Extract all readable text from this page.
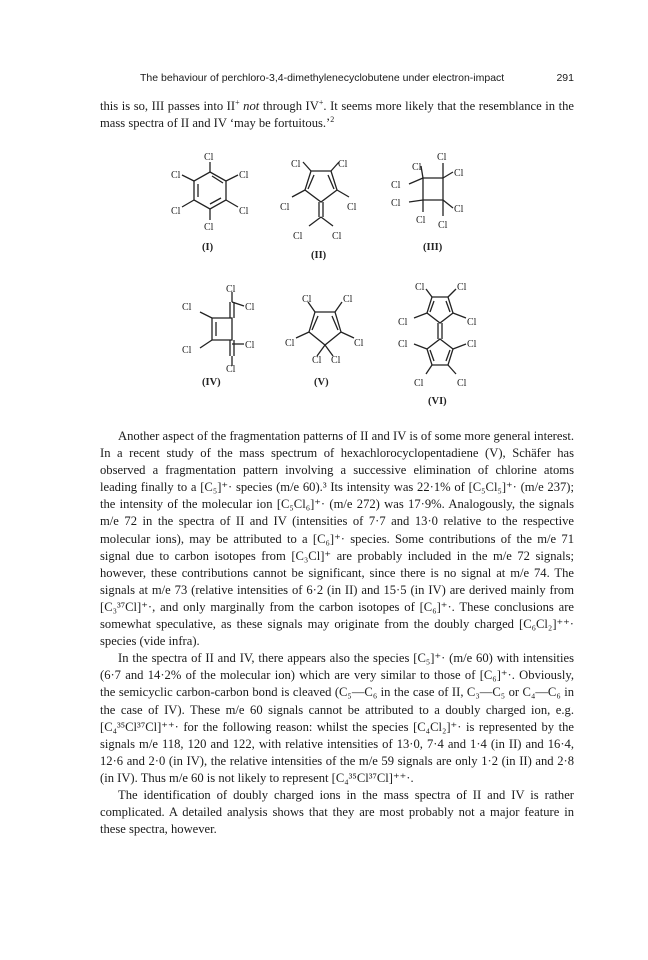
The behaviour of perchloro-3,4-dimethylenecyclobutene under electron-impact	291

this is so, III passes into II+ not through IV+. It seems more likely that the resemblance in the mass spectra of II and IV ‘may be fortuitous.’$^2$

Cl
Cl
Cl
Cl
Cl
Cl
(I)
Cl	Cl
Cl	Cl
Cl	Cl
(II)
Cl
Cl
Cl
Cl
Cl
Cl
Cl Cl
(III)
Cl
Cl	Cl
Cl
Cl
Cl
(IV)
Cl	Cl
Cl	Cl
Cl Cl
(V)
Cl	Cl
Cl	Cl
Cl	Cl
Cl	Cl
(VI)

Another aspect of the fragmentation patterns of II and IV is of some more general interest. In a recent study of the mass spectrum of hexachlorocyclopentadiene (V), Schäfer has observed a fragmentation pattern involving a successive elimination of chlorine atoms leading finally to a [C₅]⁺· species (m/e 60).³ Its intensity was 22·1% of [C₅Cl₅]⁺· (m/e 237); the intensity of the molecular ion [C₅Cl₆]⁺· (m/e 272) was 17·9%. Analogously, the signals m/e 72 in the spectra of II and IV (intensities of 7·7 and 13·0 relative to the respective molecular ions), may be attributed to a [C₆]⁺· species. Some contributions of the m/e 71 signal due to carbon isotopes from [C₃Cl]⁺ are probably included in the m/e 72 signals; however, these contributions cannot be significant, since there is no signal at m/e 74. The signals at m/e 73 (relative intensities of 6·2 (in II) and 15·5 (in IV) are derived mainly from [C₃³⁷Cl]⁺·, and only marginally from the carbon isotopes of [C₆]⁺·. These conclusions are somewhat speculative, as these signals may originate from the doubly charged [C₆Cl₂]⁺⁺· species (vide infra).

In the spectra of II and IV, there appears also the species [C₅]⁺· (m/e 60) with intensities (6·7 and 14·2% of the molecular ion) which are very similar to those of [C₆]⁺·. Obviously, the semicyclic carbon-carbon bond is cleaved (C₅—C₆ in the case of II, C₃—C₅ or C₄—C₆ in the case of IV). These m/e 60 signals cannot be attributed to a doubly charged ion, e.g. [C₄³⁵Cl³⁷Cl]⁺⁺· for the following reason: whilst the species [C₄Cl₂]⁺· is represented by the signals m/e 118, 120 and 122, with relative intensities of 13·0, 7·4 and 1·4 (in II) and 16·4, 12·6 and 2·0 (in IV), the relative intensities of the m/e 59 signals are only 1·2 (in II) and 2·8 (in IV). Thus m/e 60 is not likely to represent [C₄³⁵Cl³⁷Cl]⁺⁺·.

The identification of doubly charged ions in the mass spectra of II and IV is rather complicated. A detailed analysis shows that they are most probably not a major feature in these spectra, however.
